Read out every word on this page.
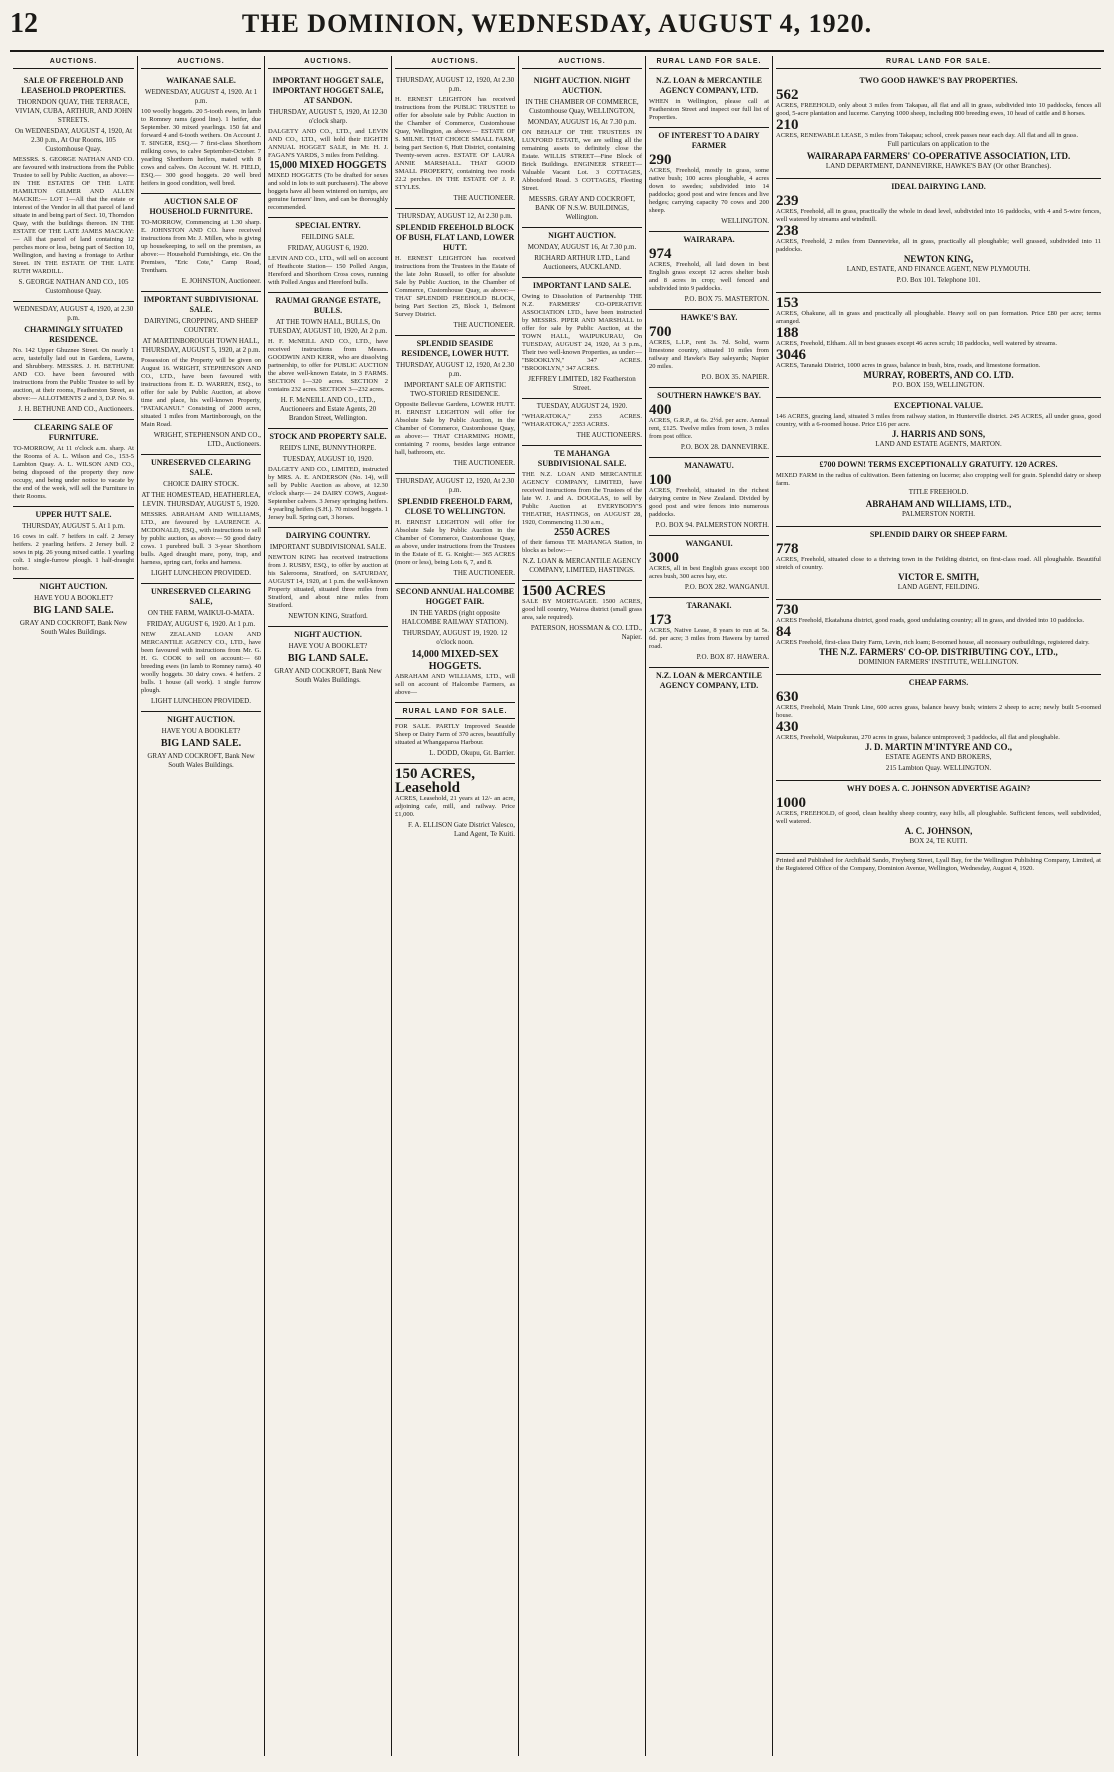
12	THE DOMINION, WEDNESDAY, AUGUST 4, 1920.
AUCTIONS.
SALE OF FREEHOLD AND LEASEHOLD PROPERTIES.
THORNDON QUAY, THE TERRACE, VIVIAN, CUBA, ARTHUR, AND JOHN STREETS.
On WEDNESDAY, AUGUST 4, 1920, At 2.30 p.m., At Our Rooms, 105 Customhouse Quay.
MESSRS. S. GEORGE NATHAN AND CO. are favoured with instructions from the Public Trustee to sell by Public Auction, as above:— IN THE ESTATES OF THE LATE HAMILTON GILMER AND ALLEN MACKIE:— LOT 1—All that the estate or interest of the Vendor in all that parcel of land situate in and being part of Sect. 10, Thorndon Quay, with the buildings thereon. IN THE ESTATE OF THE LATE JAMES MACKAY:— All that parcel of land containing 12 perches more or less, being part of Section 10, Wellington, and having a frontage to Arthur Street. IN THE ESTATE OF THE LATE RUTH WARDILL.
S. GEORGE NATHAN AND CO., 105 Customhouse Quay.
WEDNESDAY, AUGUST 4, 1920, at 2.30 p.m.
CHARMINGLY SITUATED RESIDENCE.
No. 142 Upper Ghuznee Street. On nearly 1 acre, tastefully laid out in Gardens, Lawns, and Shrubbery. MESSRS. J. H. BETHUNE AND CO. have been favoured with instructions from the Public Trustee to sell by auction, at their rooms, Featherston Street, as above:— ALLOTMENTS 2 and 3, D.P. No. 9.
J. H. BETHUNE AND CO., Auctioneers.
CLEARING SALE OF FURNITURE.
TO-MORROW, At 11 o'clock a.m. sharp. At the Rooms of A. L. Wilson and Co., 153-5 Lambton Quay. A. L. WILSON AND CO., being disposed of the property they now occupy, and being under notice to vacate by the end of the week, will sell the Furniture in their Rooms.
UPPER HUTT SALE.
THURSDAY, AUGUST 5. At 1 p.m.
16 cows in calf. 7 heifers in calf. 2 Jersey heifers. 2 yearling heifers. 2 Jersey bull. 2 sows in pig. 26 young mixed cattle. 1 yearling colt. 1 single-furrow plough. 1 half-draught horse.
NIGHT AUCTION.
HAVE YOU A BOOKLET?
BIG LAND SALE.
GRAY AND COCKROFT, Bank New South Wales Buildings.
AUCTIONS.
WAIKANAE SALE.
WEDNESDAY, AUGUST 4, 1920. At 1 p.m.
100 woolly hoggets. 20 5-tooth ewes, in lamb to Romney rams (good line). 1 heifer, due September. 30 mixed yearlings. 150 fat and forward 4 and 6-tooth wethers. On Account J. T. SINGER, ESQ.— 7 first-class Shorthorn milking cows, to calve September-October. 7 yearling Shorthorn heifers, mated with 8 cows and calves. On Account W. H. FIELD, ESQ.— 300 good hoggets. 20 well bred heifers in good condition, well bred.
AUCTION SALE OF HOUSEHOLD FURNITURE.
TO-MORROW, Commencing at 1.30 sharp. E. JOHNSTON AND CO. have received instructions from Mr. J. Millen, who is giving up housekeeping, to sell on the premises, as above:— Household Furnishings, etc. On the Premises, "Eric Cote," Camp Road, Trentham.
E. JOHNSTON, Auctioneer.
IMPORTANT SUBDIVISIONAL SALE.
DAIRYING, CROPPING, AND SHEEP COUNTRY.
AT MARTINBOROUGH TOWN HALL, THURSDAY, AUGUST 5, 1920, at 2 p.m.
Possession of the Property will be given on August 16. WRIGHT, STEPHENSON AND CO., LTD., have been favoured with instructions from E. D. WARREN, ESQ., to offer for sale by Public Auction, at above time and place, his well-known Property, "PATAKANUI." Consisting of 2000 acres, situated 1 miles from Martinborough, on the Main Road.
WRIGHT, STEPHENSON AND CO., LTD., Auctioneers.
UNRESERVED CLEARING SALE.
CHOICE DAIRY STOCK.
AT THE HOMESTEAD, HEATHERLEA, LEVIN. THURSDAY, AUGUST 5, 1920.
MESSRS. ABRAHAM AND WILLIAMS, LTD., are favoured by LAURENCE A. MCDONALD, ESQ., with instructions to sell by public auction, as above:— 50 good dairy cows. 1 purebred bull. 3 3-year Shorthorn bulls. Aged draught mare, pony, trap, and harness, spring cart, forks and harness.
LIGHT LUNCHEON PROVIDED.
UNRESERVED CLEARING SALE,
ON THE FARM, WAIKUI-O-MATA.
FRIDAY, AUGUST 6, 1920. At 1 p.m.
NEW ZEALAND LOAN AND MERCANTILE AGENCY CO., LTD., have been favoured with instructions from Mr. G. H. G. COOK to sell on account:— 60 breeding ewes (in lamb to Romney rams). 40 woolly hoggets. 30 dairy cows. 4 heifers. 2 bulls. 1 house (all work). 1 single furrow plough.
LIGHT LUNCHEON PROVIDED.
NIGHT AUCTION.
HAVE YOU A BOOKLET?
BIG LAND SALE.
GRAY AND COCKROFT, Bank New South Wales Buildings.
AUCTIONS.
IMPORTANT HOGGET SALE, IMPORTANT HOGGET SALE, AT SANDON.
THURSDAY, AUGUST 5, 1920, At 12.30 o'clock sharp.
DALGETY AND CO., LTD., and LEVIN AND CO., LTD., will hold their EIGHTH ANNUAL HOGGET SALE, in Mr. H. J. FAGAN'S YARDS, 3 miles from Feilding.
15,000 MIXED HOGGETS
MIXED HOGGETS (To be drafted for sexes and sold in lots to suit purchasers). The above hoggets have all been wintered on turnips, are genuine farmers' lines, and can be thoroughly recommended.
SPECIAL ENTRY.
FEILDING SALE.
FRIDAY, AUGUST 6, 1920.
LEVIN AND CO., LTD., will sell on account of Heathcote Station— 150 Polled Angus, Hereford and Shorthorn Cross cows, running with Polled Angus and Hereford bulls.
RAUMAI GRANGE ESTATE, BULLS.
AT THE TOWN HALL, BULLS, On TUESDAY, AUGUST 10, 1920, At 2 p.m.
H. F. McNEILL AND CO., LTD., have received instructions from Messrs. GOODWIN AND KERR, who are dissolving partnership, to offer for PUBLIC AUCTION the above well-known Estate, in 3 FARMS. SECTION 1—320 acres. SECTION 2 contains 232 acres. SECTION 3—232 acres.
H. F. McNEILL AND CO., LTD., Auctioneers and Estate Agents, 20 Brandon Street, Wellington.
STOCK AND PROPERTY SALE.
REID'S LINE, BUNNYTHORPE.
TUESDAY, AUGUST 10, 1920.
DALGETY AND CO., LIMITED, instructed by MRS. A. E. ANDERSON (No. 14), will sell by Public Auction as above, at 12.30 o'clock sharp:— 24 DAIRY COWS, August-September calvers. 3 Jersey springing heifers. 4 yearling heifers (S.H.). 70 mixed hoggets. 1 Jersey bull. Spring cart, 3 horses.
DAIRYING COUNTRY.
IMPORTANT SUBDIVISIONAL SALE.
NEWTON KING has received instructions from J. RUSBY, ESQ., to offer by auction at his Salerooms, Stratford, on SATURDAY, AUGUST 14, 1920, at 1 p.m. the well-known Property situated, situated three miles from Stratford, and about nine miles from Stratford.
NEWTON KING, Stratford.
NIGHT AUCTION.
HAVE YOU A BOOKLET?
BIG LAND SALE.
GRAY AND COCKROFT, Bank New South Wales Buildings.
AUCTIONS.
THURSDAY, AUGUST 12, 1920, At 2.30 p.m.
H. ERNEST LEIGHTON has received instructions from the PUBLIC TRUSTEE to offer for absolute sale by Public Auction in the Chamber of Commerce, Customhouse Quay, Wellington, as above:— ESTATE OF S. MILNE. THAT CHOICE SMALL FARM, being part Section 6, Hutt District, containing Twenty-seven acres. ESTATE OF LAURA ANNIE MARSHALL. THAT GOOD SMALL PROPERTY, containing two roods 22.2 perches. IN THE ESTATE OF J. P. STYLES.
THE AUCTIONEER.
THURSDAY, AUGUST 12, At 2.30 p.m.
SPLENDID FREEHOLD BLOCK OF BUSH, FLAT LAND, LOWER HUTT.
H. ERNEST LEIGHTON has received instructions from the Trustees in the Estate of the late John Russell, to offer for absolute Sale by Public Auction, in the Chamber of Commerce, Customhouse Quay, as above:— THAT SPLENDID FREEHOLD BLOCK, being Part Section 25, Block 1, Belmont Survey District.
THE AUCTIONEER.
SPLENDID SEASIDE RESIDENCE, LOWER HUTT.
THURSDAY, AUGUST 12, 1920, At 2.30 p.m.
IMPORTANT SALE OF ARTISTIC TWO-STORIED RESIDENCE.
Opposite Bellevue Gardens, LOWER HUTT. H. ERNEST LEIGHTON will offer for Absolute Sale by Public Auction, in the Chamber of Commerce, Customhouse Quay, as above:— THAT CHARMING HOME, containing 7 rooms, besides large entrance hall, bathroom, etc.
THE AUCTIONEER.
THURSDAY, AUGUST 12, 1920, At 2.30 p.m.
SPLENDID FREEHOLD FARM, CLOSE TO WELLINGTON.
H. ERNEST LEIGHTON will offer for Absolute Sale by Public Auction in the Chamber of Commerce, Customhouse Quay, as above, under instructions from the Trustees in the Estate of E. G. Knight:— 365 ACRES (more or less), being Lots 6, 7, and 8.
THE AUCTIONEER.
SECOND ANNUAL HALCOMBE HOGGET FAIR.
IN THE YARDS (right opposite HALCOMBE RAILWAY STATION).
THURSDAY, AUGUST 19, 1920. 12 o'clock noon.
14,000 MIXED-SEX HOGGETS.
ABRAHAM AND WILLIAMS, LTD., will sell on account of Halcombe Farmers, as above—
RURAL LAND FOR SALE.
FOR SALE. PARTLY Improved Seaside Sheep or Dairy Farm of 370 acres, beautifully situated at Whangaparoa Harbour.
L. DODD, Okupu, Gt. Barrier.
150 ACRES, Leasehold
ACRES, Leasehold, 21 years at 12/- an acre, adjoining cafe, mill, and railway. Price £1,000.
F. A. ELLISON Gate District Valesco, Land Agent, Te Kuiti.
AUCTIONS.
NIGHT AUCTION. NIGHT AUCTION.
IN THE CHAMBER OF COMMERCE, Customhouse Quay, WELLINGTON,
MONDAY, AUGUST 16, At 7.30 p.m.
ON BEHALF OF THE TRUSTEES IN LUXFORD ESTATE, we are selling all the remaining assets to definitely close the Estate. WILLIS STREET—Fine Block of Brick Buildings. ENGINEER STREET—Valuable Vacant Lot. 3 COTTAGES, Abbotsford Road. 3 COTTAGES, Fleeting Street.
MESSRS. GRAY AND COCKROFT, BANK OF N.S.W. BUILDINGS, Wellington.
NIGHT AUCTION.
MONDAY, AUGUST 16, At 7.30 p.m.
RICHARD ARTHUR LTD., Land Auctioneers, AUCKLAND.
IMPORTANT LAND SALE.
Owing to Dissolution of Partnership THE N.Z. FARMERS' CO-OPERATIVE ASSOCIATION LTD., have been instructed by MESSRS. PIPER AND MARSHALL to offer for sale by Public Auction, at the TOWN HALL, WAIPUKURAU, On TUESDAY, AUGUST 24, 1920, At 3 p.m., Their two well-known Properties, as under:— "BROOKLYN," 347 ACRES. "BROOKLYN," 347 ACRES.
JEFFREY LIMITED, 182 Featherston Street.
TUESDAY, AUGUST 24, 1920.
"WHARATOKA," 2353 ACRES. "WHARATOKA," 2353 ACRES.
THE AUCTIONEERS.
TE MAHANGA SUBDIVISIONAL SALE.
THE N.Z. LOAN AND MERCANTILE AGENCY COMPANY, LIMITED, have received instructions from the Trustees of the late W. J. and A. DOUGLAS, to sell by Public Auction at EVERYBODY'S THEATRE, HASTINGS, on AUGUST 28, 1920, Commencing 11.30 a.m.,
2550 ACRES
of their famous TE MAHANGA Station, in blocks as below:—
N.Z. LOAN & MERCANTILE AGENCY COMPANY, LIMITED, HASTINGS.
1500 ACRES
SALE BY MORTGAGEE. 1500 ACRES, good hill country, Wairoa district (small grass area, sale required).
PATERSON, HOSSMAN & CO. LTD., Napier.
RURAL LAND FOR SALE.
N.Z. LOAN & MERCANTILE AGENCY COMPANY, LTD.
WHEN in Wellington, please call at Featherston Street and inspect our full list of Properties.
OF INTEREST TO A DAIRY FARMER
290
ACRES, Freehold, mostly in grass, some native bush; 100 acres ploughable, 4 acres down to swedes; subdivided into 14 paddocks; good post and wire fences and live hedges; carrying capacity 70 cows and 200 sheep.
WELLINGTON.
WAIRARAPA.
974
ACRES, Freehold, all laid down in best English grass except 12 acres shelter bush and 8 acres in crop; well fenced and subdivided into 9 paddocks.
P.O. BOX 75. MASTERTON.
HAWKE'S BAY.
700
ACRES, L.I.P., rent 3s. 7d. Solid, warm limestone country, situated 10 miles from railway and Hawke's Bay saleyards; Napier 20 miles.
P.O. BOX 35. NAPIER.
SOUTHERN HAWKE'S BAY.
400
ACRES, G.R.P., at 6s. 2½d. per acre. Annual rent, £125. Twelve miles from town, 3 miles from post office.
P.O. BOX 28. DANNEVIRKE.
MANAWATU.
100
ACRES, Freehold, situated in the richest dairying centre in New Zealand. Divided by good post and wire fences into numerous paddocks.
P.O. BOX 94. PALMERSTON NORTH.
WANGANUI.
3000
ACRES, all in best English grass except 100 acres bush, 300 acres hay, etc.
P.O. BOX 282. WANGANUI.
TARANAKI.
173
ACRES, Native Lease, 8 years to run at 5s. 6d. per acre; 3 miles from Hawera by tarred road.
P.O. BOX 87. HAWERA.
N.Z. LOAN & MERCANTILE AGENCY COMPANY, LTD.
RURAL LAND FOR SALE.
TWO GOOD HAWKE'S BAY PROPERTIES.
562
ACRES, FREEHOLD, only about 3 miles from Takapau, all flat and all in grass, subdivided into 10 paddocks, fences all good, 5-acre plantation and lucerne. Carrying 1000 sheep, including 800 breeding ewes, 10 head of cattle and 8 horses.
210
ACRES, RENEWABLE LEASE, 3 miles from Takapau; school, creek passes near each day. All flat and all in grass.
Full particulars on application to the
WAIRARAPA FARMERS' CO-OPERATIVE ASSOCIATION, LTD.
LAND DEPARTMENT, DANNEVIRKE, HAWKE'S BAY (Or other Branches).
IDEAL DAIRYING LAND.
239
ACRES, Freehold, all in grass, practically the whole in dead level, subdivided into 16 paddocks, with 4 and 5-wire fences, well watered by streams and windmill.
238
ACRES, Freehold, 2 miles from Dannevirke, all in grass, practically all ploughable; well grassed, subdivided into 11 paddocks.
NEWTON KING,
LAND, ESTATE, AND FINANCE AGENT, NEW PLYMOUTH.
P.O. Box 101. Telephone 101.
153
ACRES, Ohakune, all in grass and practically all ploughable. Heavy soil on pan formation. Price £80 per acre; terms arranged.
188
ACRES, Freehold, Eltham. All in best grasses except 46 acres scrub; 18 paddocks, well watered by streams.
3046
ACRES, Taranaki District, 1000 acres in grass, balance in bush, bins, roads, and limestone formation.
MURRAY, ROBERTS, AND CO. LTD.
P.O. BOX 159, WELLINGTON.
EXCEPTIONAL VALUE.
146 ACRES, grazing land, situated 3 miles from railway station, in Hunterville district. 245 ACRES, all under grass, good country, with a 6-roomed house. Price £16 per acre.
J. HARRIS AND SONS,
LAND AND ESTATE AGENTS, MARTON.
£700 DOWN! TERMS EXCEPTIONALLY GRATUITY. 120 ACRES.
MIXED FARM in the radius of cultivation. Been fattening on lucerne; also cropping well for grain. Splendid dairy or sheep farm.
TITLE FREEHOLD.
ABRAHAM AND WILLIAMS, LTD.,
PALMERSTON NORTH.
SPLENDID DAIRY OR SHEEP FARM.
778
ACRES, Freehold, situated close to a thriving town in the Feilding district, on first-class road. All ploughable. Beautiful stretch of country.
VICTOR E. SMITH,
LAND AGENT, FEILDING.
730
ACRES Freehold, Ekatahuna district, good roads, good undulating country; all in grass, and divided into 10 paddocks.
84
ACRES Freehold, first-class Dairy Farm, Levin, rich loam; 8-roomed house, all necessary outbuildings, registered dairy.
THE N.Z. FARMERS' CO-OP. DISTRIBUTING COY., LTD.,
DOMINION FARMERS' INSTITUTE, WELLINGTON.
CHEAP FARMS.
630
ACRES, Freehold, Main Trunk Line, 600 acres grass, balance heavy bush; winters 2 sheep to acre; newly built 5-roomed house.
430
ACRES, Freehold, Waipukurau, 270 acres in grass, balance unimproved; 3 paddocks, all flat and ploughable.
J. D. MARTIN M'INTYRE AND CO.,
ESTATE AGENTS AND BROKERS,
215 Lambton Quay. WELLINGTON.
WHY DOES A. C. JOHNSON ADVERTISE AGAIN?
1000
ACRES, FREEHOLD, of good, clean healthy sheep country, easy hills, all ploughable. Sufficient fences, well subdivided, well watered.
A. C. JOHNSON,
BOX 24, TE KUITI.
Printed and Published for Archibald Sando, Freyberg Street, Lyall Bay, for the Wellington Publishing Company, Limited, at the Registered Office of the Company, Dominion Avenue, Wellington, Wednesday, August 4, 1920.
